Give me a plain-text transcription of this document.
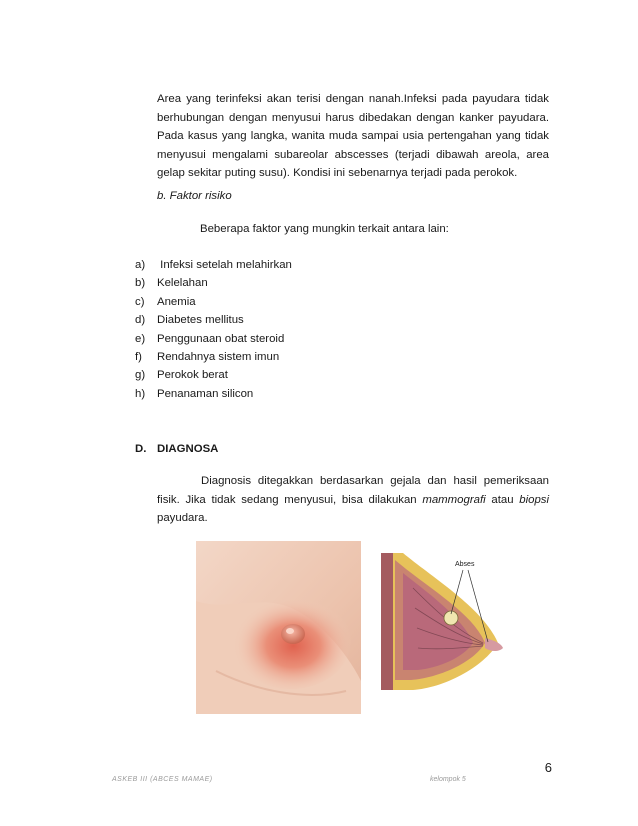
Area yang terinfeksi akan terisi dengan nanah.Infeksi pada payudara tidak berhubungan dengan menyusui harus dibedakan dengan kanker payudara. Pada kasus yang langka, wanita muda sampai usia pertengahan yang tidak menyusui mengalami subareolar abscesses (terjadi dibawah areola, area gelap sekitar puting susu). Kondisi ini sebenarnya terjadi pada perokok.

b. Faktor risiko
Beberapa faktor yang mungkin terkait antara lain:
a)	Infeksi setelah melahirkan
b)	Kelelahan
c)	Anemia
d)	Diabetes mellitus
e)	Penggunaan obat steroid
f)	Rendahnya sistem imun
g)	Perokok berat
h)	Penanaman silicon
D. DIAGNOSA

Diagnosis ditegakkan berdasarkan gejala dan hasil pemeriksaan fisik. Jika tidak sedang menyusui, bisa dilakukan mammografi atau biopsi payudara.

Abses
6
ASKEB III (ABCES MAMAE)	kelompok 5
